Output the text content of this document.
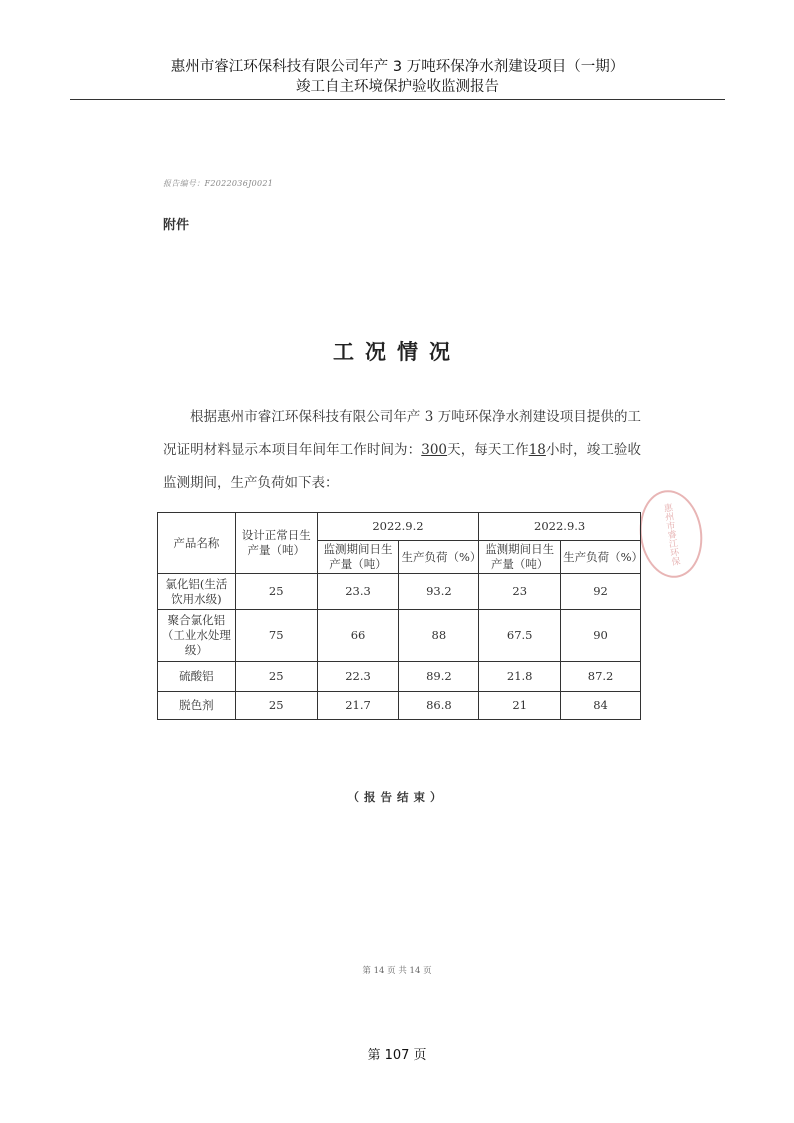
惠州市睿江环保科技有限公司年产 3 万吨环保净水剂建设项目（一期）
竣工自主环境保护验收监测报告
报告编号：F2022036J0021
附件
工况情况

根据惠州市睿江环保科技有限公司年产 3 万吨环保净水剂建设项目提供的工况证明材料显示本项目年间年工作时间为：300天，每天工作18小时，竣工验收监测期间，生产负荷如下表：

惠州市睿江环保
产品名称	设计正常日生产量（吨）	2022.9.2		2022.9.3	
		监测期间日生产量（吨）	生产负荷（%）	监测期间日生产量（吨）	生产负荷（%）
氯化铝(生活饮用水级)	25	23.3	93.2	23	92
聚合氯化铝（工业水处理级）	75	66	88	67.5	90
硫酸铝	25	22.3	89.2	21.8	87.2
脱色剂	25	21.7	86.8	21	84
（报告结束）
第 14 页 共 14 页
第 107 页
